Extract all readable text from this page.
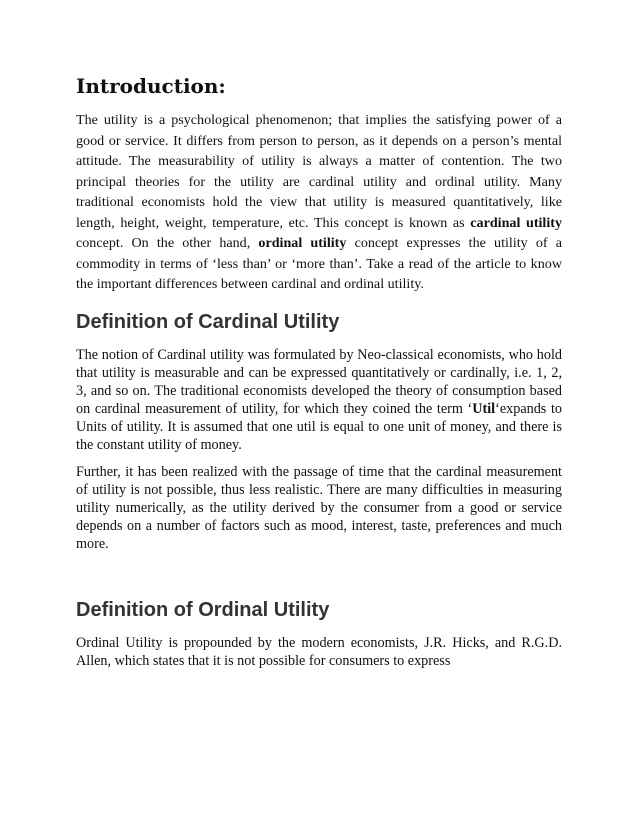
Introduction:

The utility is a psychological phenomenon; that implies the satisfying power of a good or service. It differs from person to person, as it depends on a person’s mental attitude. The measurability of utility is always a matter of contention. The two principal theories for the utility are cardinal utility and ordinal utility. Many traditional economists hold the view that utility is measured quantitatively, like length, height, weight, temperature, etc. This concept is known as cardinal utility concept. On the other hand, ordinal utility concept expresses the utility of a commodity in terms of ‘less than’ or ‘more than’. Take a read of the article to know the important differences between cardinal and ordinal utility.

Definition of Cardinal Utility

The notion of Cardinal utility was formulated by Neo-classical economists, who hold that utility is measurable and can be expressed quantitatively or cardinally, i.e. 1, 2, 3, and so on. The traditional economists developed the theory of consumption based on cardinal measurement of utility, for which they coined the term ‘Util‘expands to Units of utility. It is assumed that one util is equal to one unit of money, and there is the constant utility of money.

Further, it has been realized with the passage of time that the cardinal measurement of utility is not possible, thus less realistic. There are many difficulties in measuring utility numerically, as the utility derived by the consumer from a good or service depends on a number of factors such as mood, interest, taste, preferences and much more.

Definition of Ordinal Utility

Ordinal Utility is propounded by the modern economists, J.R. Hicks, and R.G.D. Allen, which states that it is not possible for consumers to express
